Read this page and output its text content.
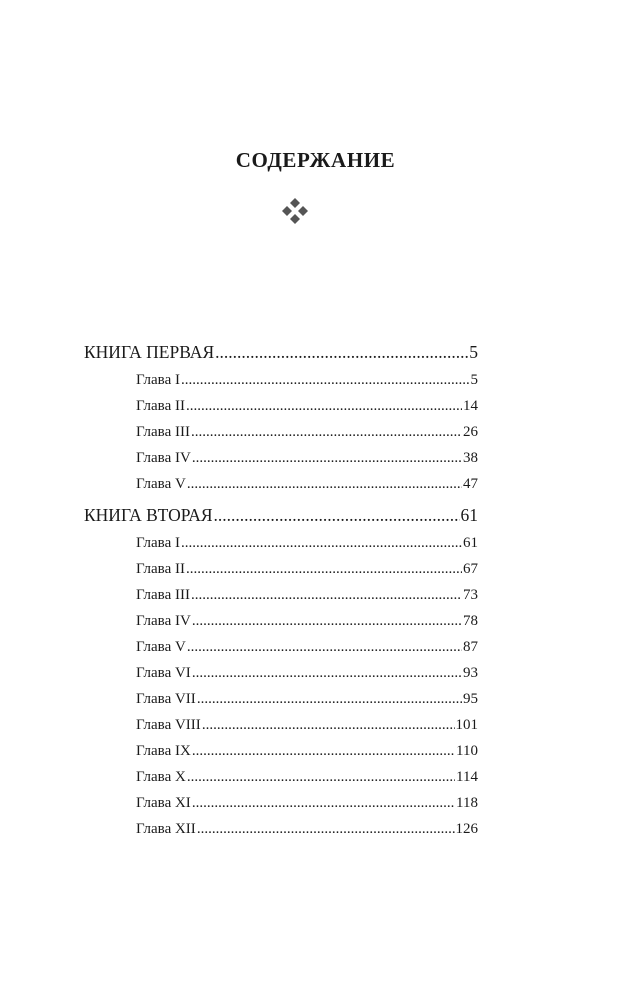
СОДЕРЖАНИЕ
КНИГА ПЕРВАЯ .....	5
Глава I .....	5
Глава II .....	14
Глава III .....	26
Глава IV .....	38
Глава V .....	47
КНИГА ВТОРАЯ .....	61
Глава I .....	61
Глава II .....	67
Глава III .....	73
Глава IV .....	78
Глава V .....	87
Глава VI .....	93
Глава VII .....	95
Глава VIII .....	101
Глава IX .....	110
Глава X .....	114
Глава XI .....	118
Глава XII .....	126
